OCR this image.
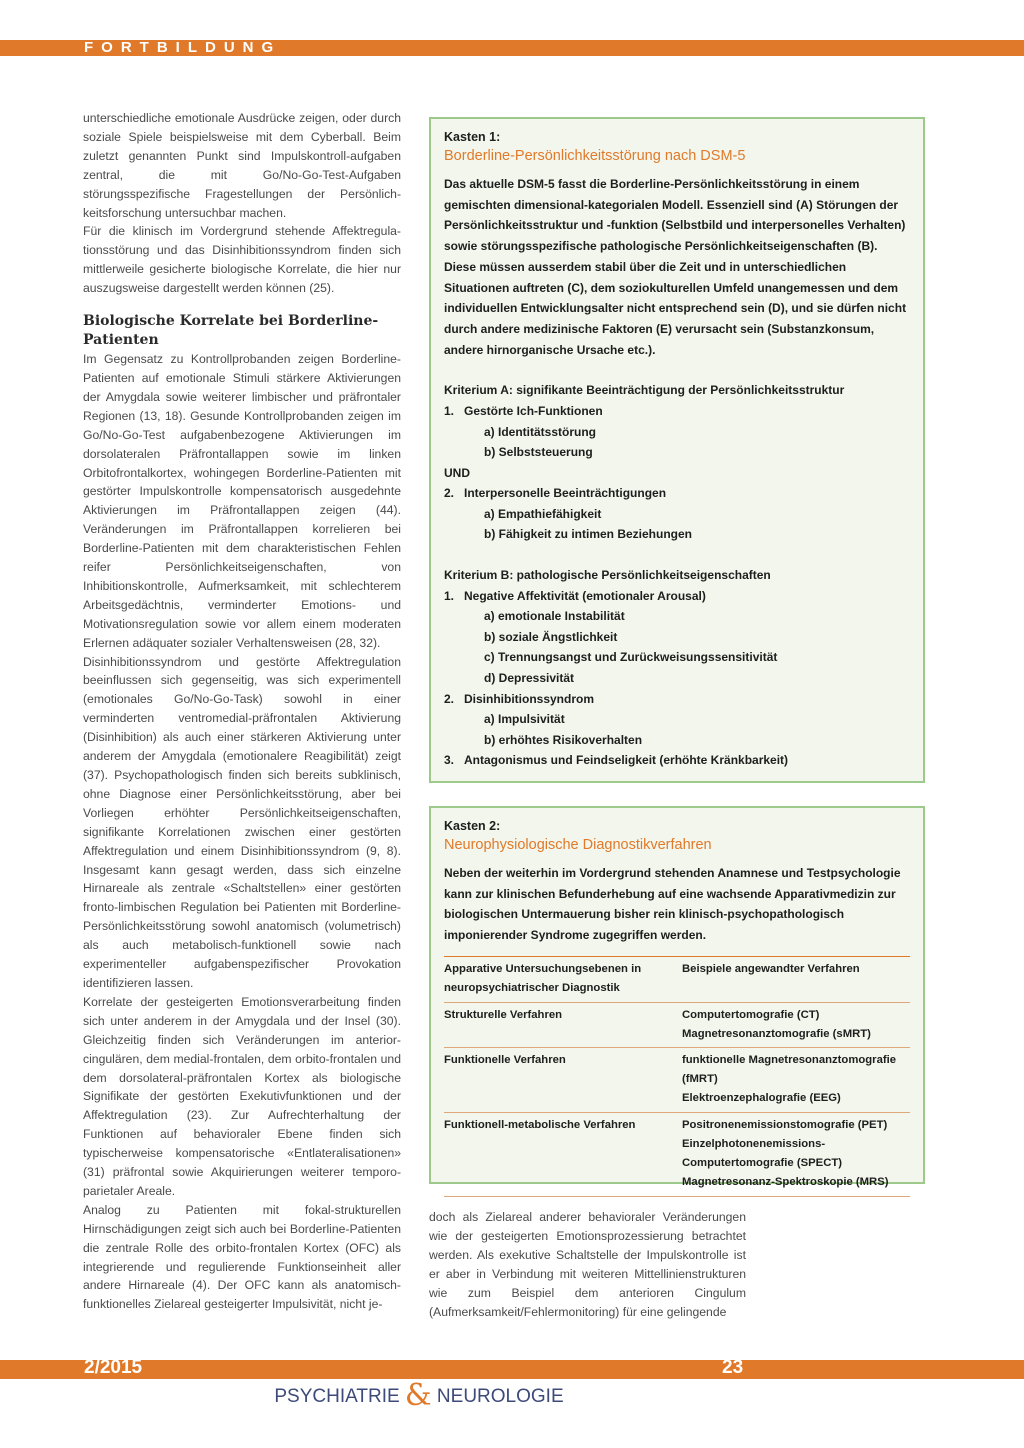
FORTBILDUNG

unterschiedliche emotionale Ausdrücke zeigen, oder durch soziale Spiele beispielsweise mit dem Cyberball. Beim zuletzt genannten Punkt sind Impulskontroll-aufgaben zentral, die mit Go/No-Go-Test-Aufgaben störungsspezifische Fragestellungen der Persönlich-keitsforschung untersuchbar machen.

Für die klinisch im Vordergrund stehende Affektregula-tionsstörung und das Disinhibitionssyndrom finden sich mittlerweile gesicherte biologische Korrelate, die hier nur auszugsweise dargestellt werden können (25).

Biologische Korrelate bei Borderline-Patienten

Im Gegensatz zu Kontrollprobanden zeigen Borderline-Patienten auf emotionale Stimuli stärkere Aktivierungen der Amygdala sowie weiterer limbischer und präfrontaler Regionen (13, 18). Gesunde Kontrollprobanden zeigen im Go/No-Go-Test aufgabenbezogene Aktivierungen im dorsolateralen Präfrontallappen sowie im linken Orbitofrontalkortex, wohingegen Borderline-Patienten mit gestörter Impulskontrolle kompensatorisch ausgedehnte Aktivierungen im Präfrontallappen zeigen (44). Veränderungen im Präfrontallappen korrelieren bei Borderline-Patienten mit dem charakteristischen Fehlen reifer Persönlichkeitseigenschaften, von Inhibitionskontrolle, Aufmerksamkeit, mit schlechterem Arbeitsgedächtnis, verminderter Emotions- und Motivationsregulation sowie vor allem einem moderaten Erlernen adäquater sozialer Verhaltensweisen (28, 32).

Disinhibitionssyndrom und gestörte Affektregulation beeinflussen sich gegenseitig, was sich experimentell (emotionales Go/No-Go-Task) sowohl in einer verminderten ventromedial-präfrontalen Aktivierung (Disinhibition) als auch einer stärkeren Aktivierung unter anderem der Amygdala (emotionalere Reagibilität) zeigt (37). Psychopathologisch finden sich bereits subklinisch, ohne Diagnose einer Persönlichkeitsstörung, aber bei Vorliegen erhöhter Persönlichkeitseigenschaften, signifikante Korrelationen zwischen einer gestörten Affektregulation und einem Disinhibitionssyndrom (9, 8). Insgesamt kann gesagt werden, dass sich einzelne Hirnareale als zentrale «Schaltstellen» einer gestörten fronto-limbischen Regulation bei Patienten mit Borderline-Persönlichkeitsstörung sowohl anatomisch (volumetrisch) als auch metabolisch-funktionell sowie nach experimenteller aufgabenspezifischer Provokation identifizieren lassen.

Korrelate der gesteigerten Emotionsverarbeitung finden sich unter anderem in der Amygdala und der Insel (30). Gleichzeitig finden sich Veränderungen im anterior-cingulären, dem medial-frontalen, dem orbito-frontalen und dem dorsolateral-präfrontalen Kortex als biologische Signifikate der gestörten Exekutivfunktionen und der Affektregulation (23). Zur Aufrechterhaltung der Funktionen auf behavioraler Ebene finden sich typischerweise kompensatorische «Entlateralisationen» (31) präfrontal sowie Akquirierungen weiterer temporo-parietaler Areale.

Analog zu Patienten mit fokal-strukturellen Hirnschädigungen zeigt sich auch bei Borderline-Patienten die zentrale Rolle des orbito-frontalen Kortex (OFC) als integrierende und regulierende Funktionseinheit aller andere Hirnareale (4). Der OFC kann als anatomisch-funktionelles Zielareal gesteigerter Impulsivität, nicht je-

Kasten 1:
Borderline-Persönlichkeitsstörung nach DSM-5
Das aktuelle DSM-5 fasst die Borderline-Persönlichkeitsstörung in einem gemischten dimensional-kategorialen Modell. Essenziell sind (A) Störungen der Persönlichkeitsstruktur und -funktion (Selbstbild und interpersonelles Verhalten) sowie störungsspezifische pathologische Persönlichkeitseigenschaften (B).
Diese müssen ausserdem stabil über die Zeit und in unterschiedlichen Situationen auftreten (C), dem soziokulturellen Umfeld unangemessen und dem individuellen Entwicklungsalter nicht entsprechend sein (D), und sie dürfen nicht durch andere medizinische Faktoren (E) verursacht sein (Substanzkonsum, andere hirnorganische Ursache etc.).
Kriterium A: signifikante Beeinträchtigung der Persönlichkeitsstruktur
1. Gestörte Ich-Funktionen
a) Identitätsstörung
b) Selbststeuerung
UND
2. Interpersonelle Beeinträchtigungen
a) Empathiefähigkeit
b) Fähigkeit zu intimen Beziehungen
Kriterium B: pathologische Persönlichkeitseigenschaften
1. Negative Affektivität (emotionaler Arousal)
a) emotionale Instabilität
b) soziale Ängstlichkeit
c) Trennungsangst und Zurückweisungssensitivität
d) Depressivität
2. Disinhibitionssyndrom
a) Impulsivität
b) erhöhtes Risikoverhalten
3. Antagonismus und Feindseligkeit (erhöhte Kränkbarkeit)
Kasten 2:
Neurophysiologische Diagnostikverfahren
Neben der weiterhin im Vordergrund stehenden Anamnese und Testpsychologie kann zur klinischen Befunderhebung auf eine wachsende Apparativmedizin zur biologischen Untermauerung bisher rein klinisch-psychopathologisch imponierender Syndrome zugegriffen werden.
Apparative Untersuchungsebenen in neuropsychiatrischer Diagnostik	Beispiele angewandter Verfahren
Strukturelle Verfahren	Computertomografie (CT)
Magnetresonanztomografie (sMRT)

Funktionelle Verfahren	funktionelle Magnetresonanztomografie (fMRT)
Elektroenzephalografie (EEG)

Funktionell-metabolische Verfahren	Positronenemissionstomografie (PET)
Einzelphotonenemissions-Computertomografie (SPECT)
Magnetresonanz-Spektroskopie (MRS)
doch als Zielareal anderer behavioraler Veränderungen wie der gesteigerten Emotionsprozessierung betrachtet werden. Als exekutive Schaltstelle der Impulskontrolle ist er aber in Verbindung mit weiteren Mittellinienstrukturen wie zum Beispiel dem anterioren Cingulum (Aufmerksamkeit/Fehlermonitoring) für eine gelingende
2/2015	23
PSYCHIATRIE & NEUROLOGIE
